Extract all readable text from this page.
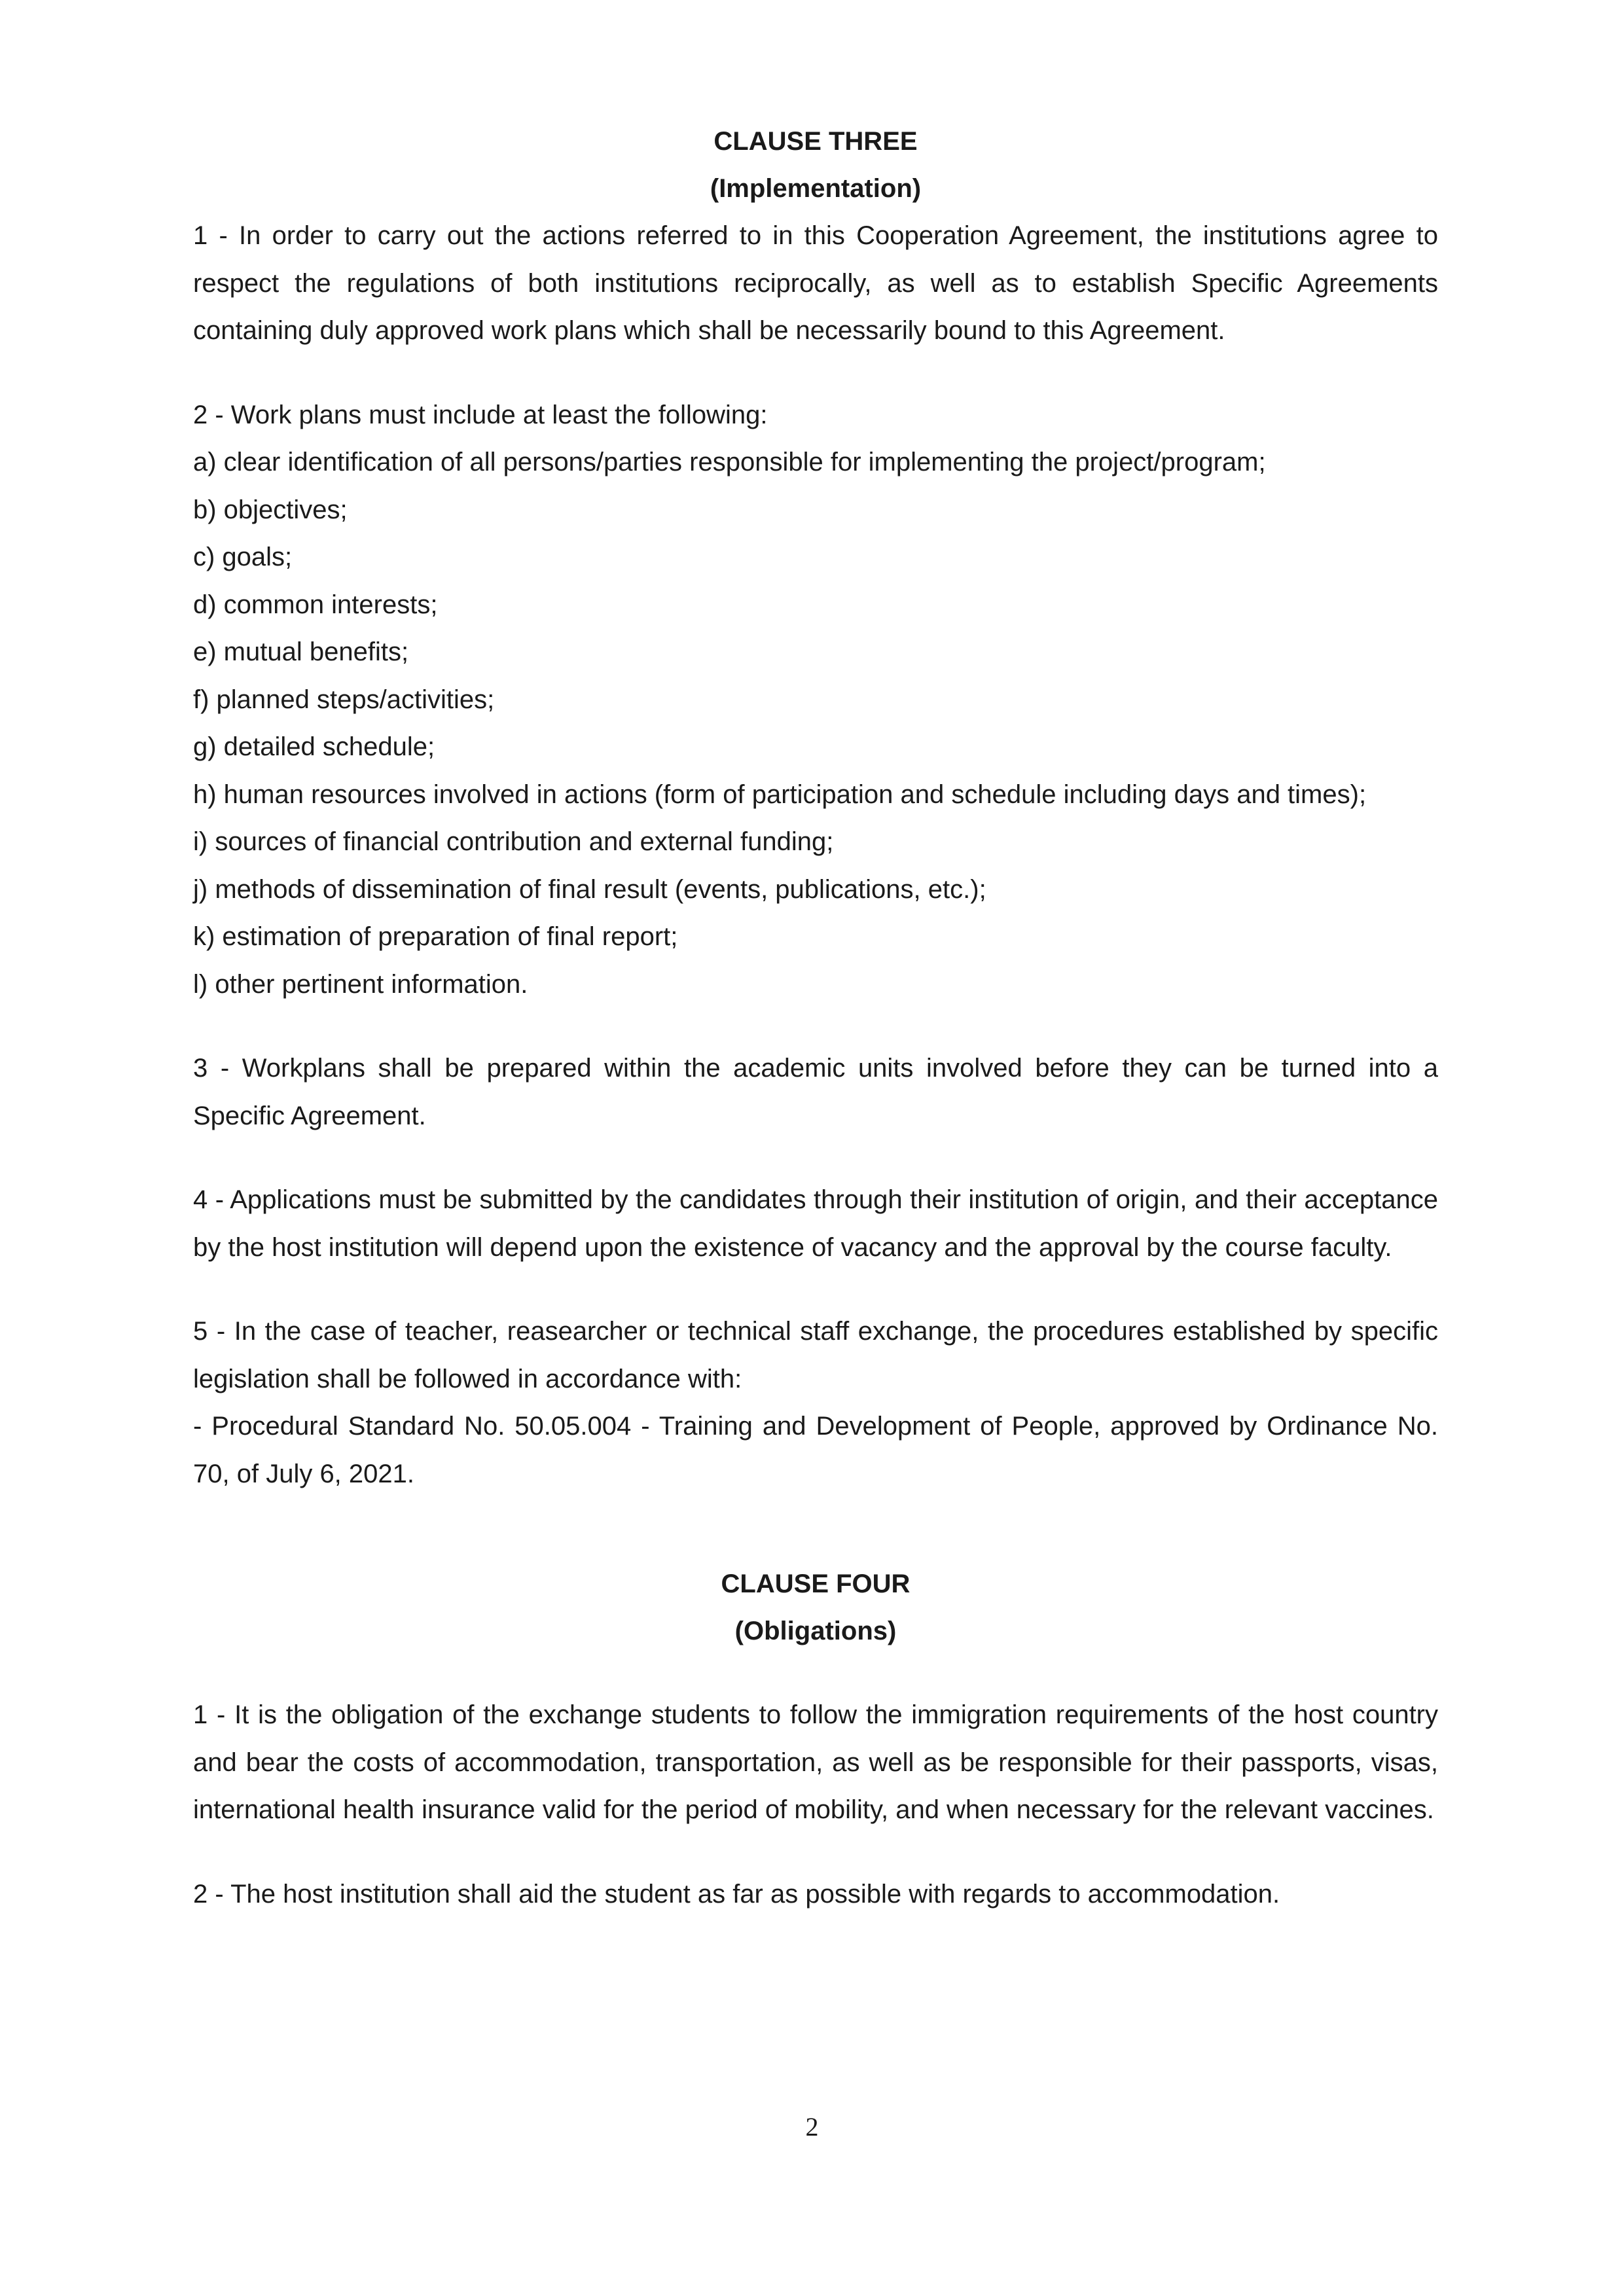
CLAUSE THREE

(Implementation)

1 - In order to carry out the actions referred to in this Cooperation Agreement, the institutions agree to respect the regulations of both institutions reciprocally, as well as to establish Specific Agreements containing duly approved work plans which shall be necessarily bound to this Agreement.

2 - Work plans must include at least the following:

a) clear identification of all persons/parties responsible for implementing the project/program;

b) objectives;

c) goals;

d) common interests;

e) mutual benefits;

f) planned steps/activities;

g) detailed schedule;

h) human resources involved in actions (form of participation and schedule including days and times);

i) sources of financial contribution and external funding;

j) methods of dissemination of final result (events, publications, etc.);

k) estimation of preparation of final report;

l) other pertinent information.

3 - Workplans shall be prepared within the academic units involved before they can be turned into a Specific Agreement.

4 - Applications must be submitted by the candidates through their institution of origin, and their acceptance by the host institution will depend upon the existence of vacancy and the approval by the course faculty.

5 - In the case of teacher, reasearcher or technical staff exchange, the procedures established by specific legislation shall be followed in accordance with:

- Procedural Standard No. 50.05.004 - Training and Development of People, approved by Ordinance No. 70, of July 6, 2021.

CLAUSE FOUR

(Obligations)

1 - It is the obligation of the exchange students to follow the immigration requirements of the host country and bear the costs of accommodation, transportation, as well as be responsible for their passports, visas, international health insurance valid for the period of mobility, and when necessary for the relevant vaccines.

2 - The host institution shall aid the student as far as possible with regards to accommodation.

2
